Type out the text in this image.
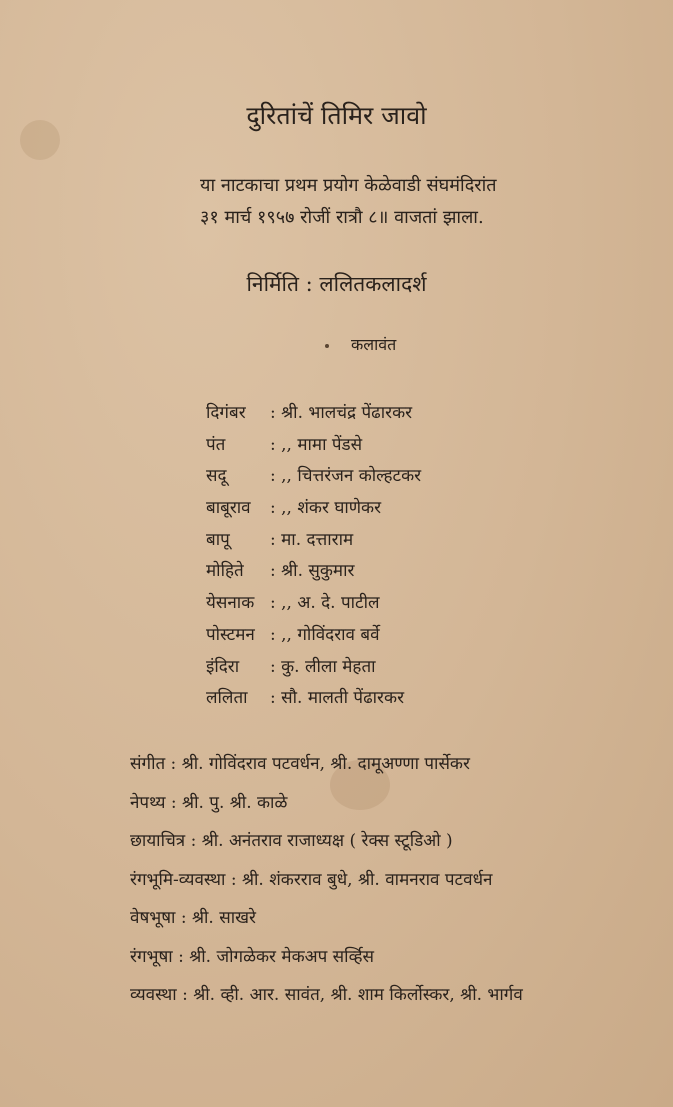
दुरितांचें तिमिर जावो
या नाटकाचा प्रथम प्रयोग केळेवाडी संघमंदिरांत
३१ मार्च १९५७ रोजीं रात्रौ ८॥ वाजतां झाला.
निर्मिति : ललितकलादर्श
कलावंत
दिगंबर : श्री. भालचंद्र पेंढारकर
पंत	: ,, मामा पेंडसे
सदू	: ,, चित्तरंजन कोल्हटकर
बाबूराव : ,, शंकर घाणेकर
बापू : मा. दत्ताराम
मोहिते : श्री. सुकुमार
येसनाक : ,, अ. दे. पाटील
पोस्टमन : ,, गोविंदराव बर्वे
इंदिरा : कु. लीला मेहता
ललिता : सौ. मालती पेंढारकर
संगीत : श्री. गोविंदराव पटवर्धन, श्री. दामूअण्णा पार्सेकर
नेपथ्य : श्री. पु. श्री. काळे
छायाचित्र : श्री. अनंतराव राजाध्यक्ष ( रेक्स स्टूडिओ )
रंगभूमि-व्यवस्था : श्री. शंकरराव बुधे, श्री. वामनराव पटवर्धन
वेषभूषा : श्री. साखरे
रंगभूषा : श्री. जोगळेकर मेकअप सर्व्हिस
व्यवस्था : श्री. व्ही. आर. सावंत, श्री. शाम किर्लोस्कर, श्री. भार्गव
